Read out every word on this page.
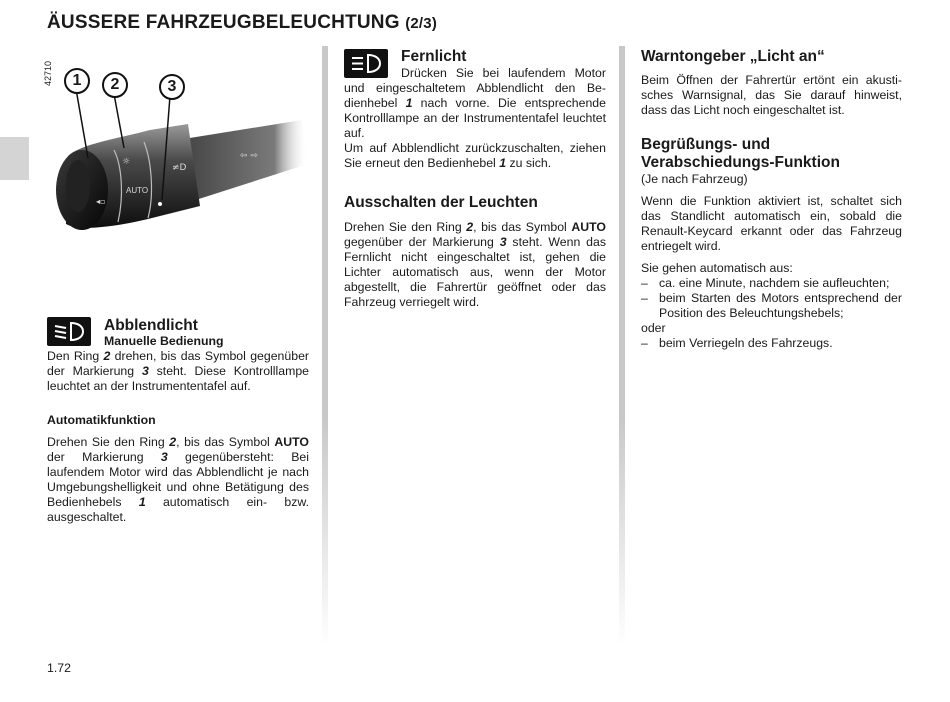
ÄUSSERE FAHRZEUGBELEUCHTUNG (2/3)
☼
≠D
◂▫
⇦ ⇨
42710	1	2	3
AUTO
Abblendlicht
Manuelle Bedienung

Den Ring 2 drehen, bis das Symbol gegenüber der Markierung 3 steht. Diese Kontrolllampe leuchtet an der Instrumententafel auf.

Automatikfunktion

Drehen Sie den Ring 2, bis das Symbol AUTO der Markierung 3 gegenübersteht: Bei laufendem Motor wird das Abblendlicht je nach Umgebungshelligkeit und ohne Betätigung des Bedienhebels 1 automatisch ein- bzw. ausgeschaltet.

Fernlicht

Drücken Sie bei laufendem Motor und eingeschaltetem Abblendlicht den Bedienhebel 1 nach vorne. Die entsprechende Kontrolllampe an der Instrumententafel leuchtet auf.

Um auf Abblendlicht zurückzuschalten, ziehen Sie erneut den Bedienhebel 1 zu sich.

Ausschalten der Leuchten

Drehen Sie den Ring 2, bis das Symbol AUTO gegenüber der Markierung 3 steht. Wenn das Fernlicht nicht eingeschaltet ist, gehen die Lichter automatisch aus, wenn der Motor abgestellt, die Fahrertür geöffnet oder das Fahrzeug verriegelt wird.

Warntongeber „Licht an“

Beim Öffnen der Fahrertür ertönt ein akustisches Warnsignal, das Sie darauf hinweist, dass das Licht noch eingeschaltet ist.

Begrüßungs- und Verabschiedungs-Funktion

(Je nach Fahrzeug)

Wenn die Funktion aktiviert ist, schaltet sich das Standlicht automatisch ein, sobald die Renault-Keycard erkannt oder das Fahrzeug entriegelt wird.

Sie gehen automatisch aus:

– ca. eine Minute, nachdem sie aufleuchten;
– beim Starten des Motors entsprechend der Position des Beleuchtungshebels;

oder

– beim Verriegeln des Fahrzeugs.
1.72
